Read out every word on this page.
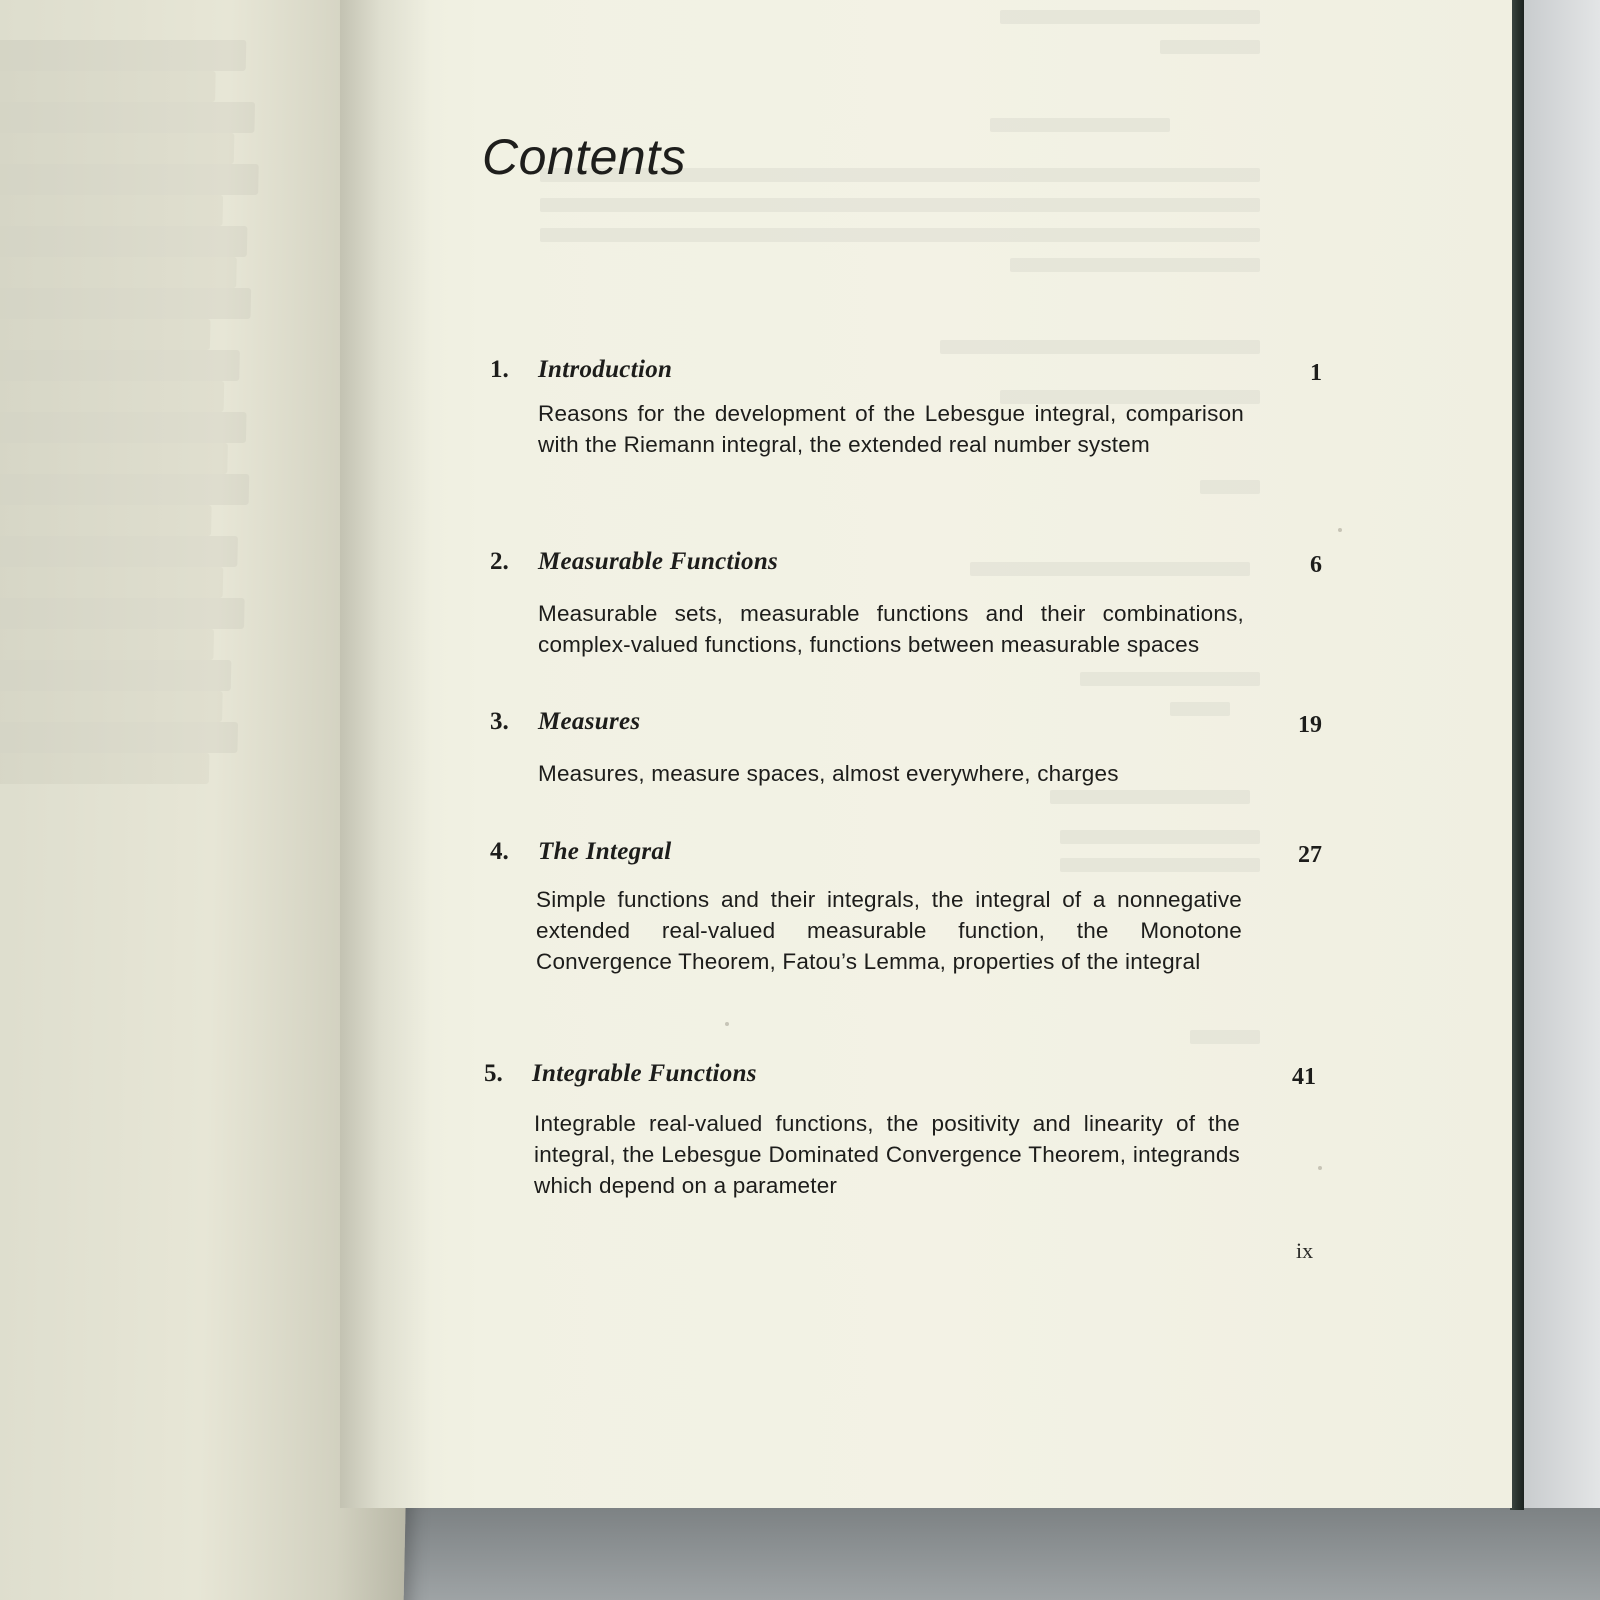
Contents
1. Introduction	1
Reasons for the development of the Lebesgue integral, comparison with the Riemann integral, the extended real number system
2. Measurable Functions	6
Measurable sets, measurable functions and their combinations, complex-valued functions, functions between measurable spaces
3. Measures	19
Measures, measure spaces, almost everywhere, charges
4. The Integral	27
Simple functions and their integrals, the integral of a nonnegative extended real-valued measurable function, the Monotone Convergence Theorem, Fatou’s Lemma, properties of the integral
5. Integrable Functions	41
Integrable real-valued functions, the positivity and linearity of the integral, the Lebesgue Dominated Convergence Theorem, integrands which depend on a parameter
ix
